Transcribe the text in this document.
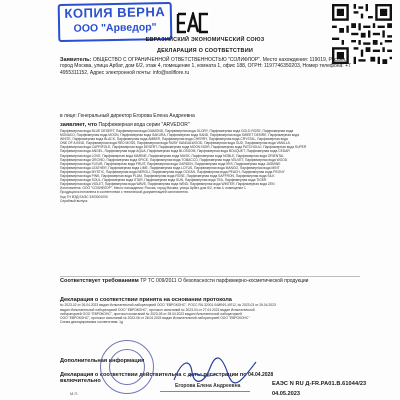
КОПИЯ ВЕРНА
ООО "Арведор"
ЕВРАЗИЙСКИЙ ЭКОНОМИЧЕСКИЙ СОЮЗ
ДЕКЛАРАЦИЯ О СООТВЕТСТВИИ
Заявитель: ОБЩЕСТВО С ОГРАНИЧЕННОЙ ОТВЕТСТВЕННОСТЬЮ "СОЛИФЛОР". Место нахождения: 119019, Россия, город Москва, улица Арбат, дом 6/2, этаж 4, помещение 1, комната 1, офис 188, ОГРН: 1197746350203, Номер телефона: +7 4955311152, Адрес электронной почты: info@soliflore.ru
в лице: Генеральный директор Егорова Елена Андреевна
заявляет, что Парфюмерная вода серии "ARVEDOR"
Парфюмерная вода BLUE DESERT, Парфюмерная вода DIAMOND, Парфюмерная вода GLORY, Парфюмерная вода GOLD ROSE, Парфюмерная вода
MONACO, Парфюмерная вода MOON, Парфюмерная вода SAKURA, Парфюмерная вода SAND, Парфюмерная вода SWEET DESIRE, Парфюмерная вода
WHITE, Парфюмерная вода BLACK, Парфюмерная вода AMBER, Парфюмерная вода CHERRY, Парфюмерная вода CRYSTAL, Парфюмерная вода
ONE OF A KIND, Парфюмерная вода RED MOSS, Парфюмерная вода RUBY SANDALWOOD, Парфюмерная вода OUD, Парфюмерная вода VANILLA
Парфюмерная вода CAPRIFOLE, Парфюмерная вода DESERT, Парфюмерная вода MOON NOIR, Парфюмерная вода PATCHOULI, Парфюмерная вода SUPER
Парфюмерная вода ANGEL, Парфюмерная вода AQUA, Парфюмерная вода BLOSSOM, Парфюмерная вода BOUQUET, Парфюмерная вода CEDAR
Парфюмерная вода LOVE, Парфюмерная вода MARINE, Парфюмерная вода MUSK, Парфюмерная вода NOBLE, Парфюмерная вода ORIENTAL
Парфюмерная вода ORCHID, Парфюмерная вода SPICE, Парфюмерная вода TOBACCO, Парфюмерная вода VELVET, Парфюмерная вода WOOD
Парфюмерная вода FLEUR, Парфюмерная вода FRUIT, Парфюмерная вода GARDEN, Парфюмерная вода IRIS, Парфюмерная вода JASMINE
Парфюмерная вода LEATHER, Парфюмерная вода LIME, Парфюмерная вода LOTUS, Парфюмерная вода MANGO, Парфюмерная вода MINT
Парфюмерная вода MYSTIC, Парфюмерная вода NEROLI, Парфюмерная вода OCEAN, Парфюмерная вода PEACH, Парфюмерная вода PEONY
Парфюмерная вода PINK, Парфюмерная вода PLUM, Парфюмерная вода ROSE, Парфюмерная вода SAFFRON, Парфюмерная вода SILK
Парфюмерная вода SOUL, Парфюмерная вода STAR, Парфюмерная вода SUN, Парфюмерная вода TEA, Парфюмерная вода TIGER
Парфюмерная вода VIOLET, Парфюмерная вода WAVE, Парфюмерная вода WIND, Парфюмерная вода WINTER, Парфюмерная вода ZEN
Изготовитель: ООО "СОЛИФЛОР". Место нахождения: Россия, город Москва, улица Арбат, дом 6/2, этаж 4, помещение 1
Продукция изготовлена в соответствии с технической документацией изготовителя.
Код ТН ВЭД ЕАЭС 3303001000
Серийный выпуск
Соответствует требованиям ТР ТС 009/2011 О безопасности парфюмерно-косметической продукции
Декларация о соответствии принята на основании протокола
№ 2023-02 от 26.04.2023 выдан Испытательной лабораторией ООО "ЕВРОКОНС", РОСС RU.32001.04ИБФ1.ИЛ12, № 2023-03 от 26.04.2023
выдан Испытательной лабораторией ООО "ЕВРОКОНС", протокол испытаний № 2023-04 от 27.04.2023 выдан Испытательной
лабораторией ООО "ЕВРОКОНС", протокол испытаний № 2023-05 от 28.04.2023 выдан Испытательной лабораторией
ООО "ЕВРОКОНС", протокол испытаний № 2023-06 от 28.04.2023 выдан Испытательной лабораторией ООО "ЕВРОКОНС"
Схема декларирования соответствия: 1д
Дополнительная информация
Декларация о соответствии действительна с даты регистрации по 04.04.2028
включительно
М.П.
Егорова Елена Андреевна	ЕАЭС N RU Д-FR.РА01.В.61044/23
04.05.2023
